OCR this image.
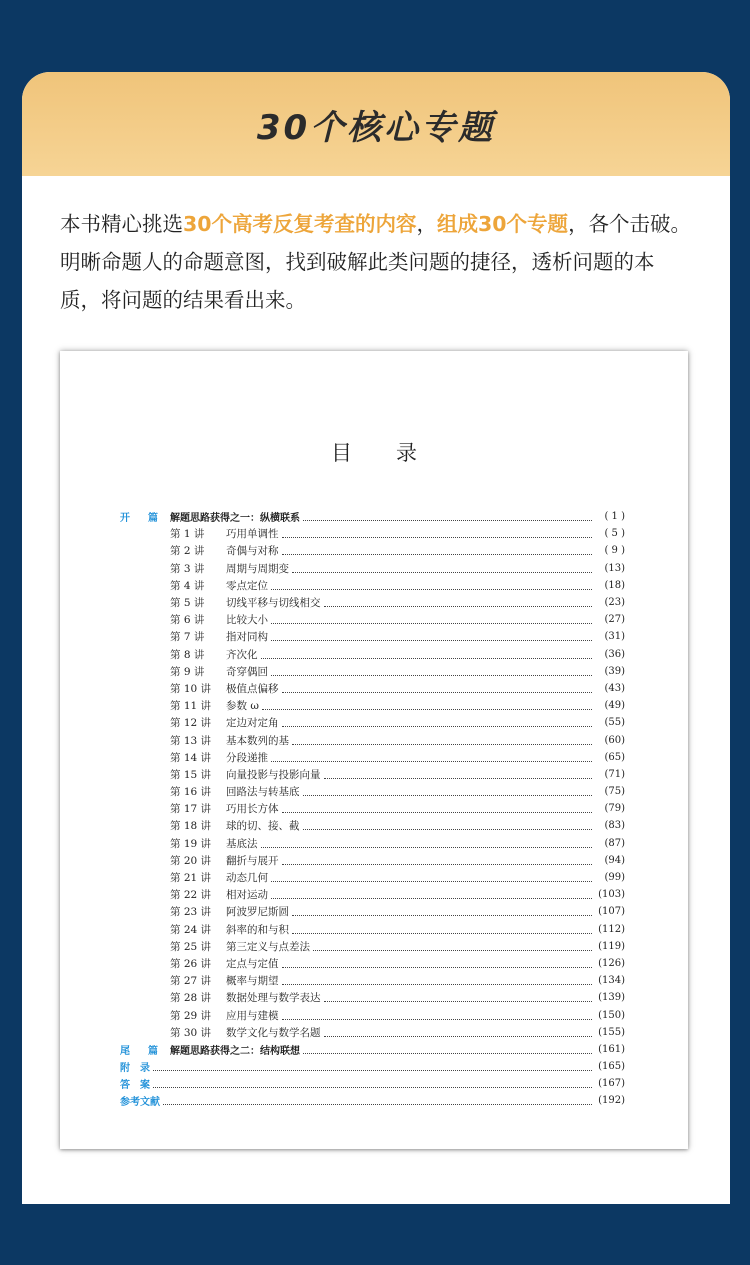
30个核心专题
本书精心挑选30个高考反复考查的内容，组成30个专题，各个击破。明晰命题人的命题意图，找到破解此类问题的捷径，透析问题的本质，将问题的结果看出来。
目录
开　篇 解题思路获得之一：纵横联系	( 1 )
第 1 讲	巧用单调性	( 5 )
第 2 讲	奇偶与对称	( 9 )
第 3 讲	周期与周期变	(13)
第 4 讲	零点定位	(18)
第 5 讲	切线平移与切线相交	(23)
第 6 讲	比较大小	(27)
第 7 讲	指对同构	(31)
第 8 讲	齐次化	(36)
第 9 讲	奇穿偶回	(39)
第 10 讲	极值点偏移	(43)
第 11 讲	参数 ω	(49)
第 12 讲	定边对定角	(55)
第 13 讲	基本数列的基	(60)
第 14 讲	分段递推	(65)
第 15 讲	向量投影与投影向量	(71)
第 16 讲	回路法与转基底	(75)
第 17 讲	巧用长方体	(79)
第 18 讲	球的切、接、截	(83)
第 19 讲	基底法	(87)
第 20 讲	翻折与展开	(94)
第 21 讲	动态几何	(99)
第 22 讲	相对运动	(103)
第 23 讲	阿波罗尼斯圆	(107)
第 24 讲	斜率的和与积	(112)
第 25 讲	第三定义与点差法	(119)
第 26 讲	定点与定值	(126)
第 27 讲	概率与期望	(134)
第 28 讲	数据处理与数学表达	(139)
第 29 讲	应用与建模	(150)
第 30 讲	数学文化与数学名题	(155)
尾　篇 解题思路获得之二：结构联想	(161)
附　录	(165)
答　案	(167)
参考文献	(192)
